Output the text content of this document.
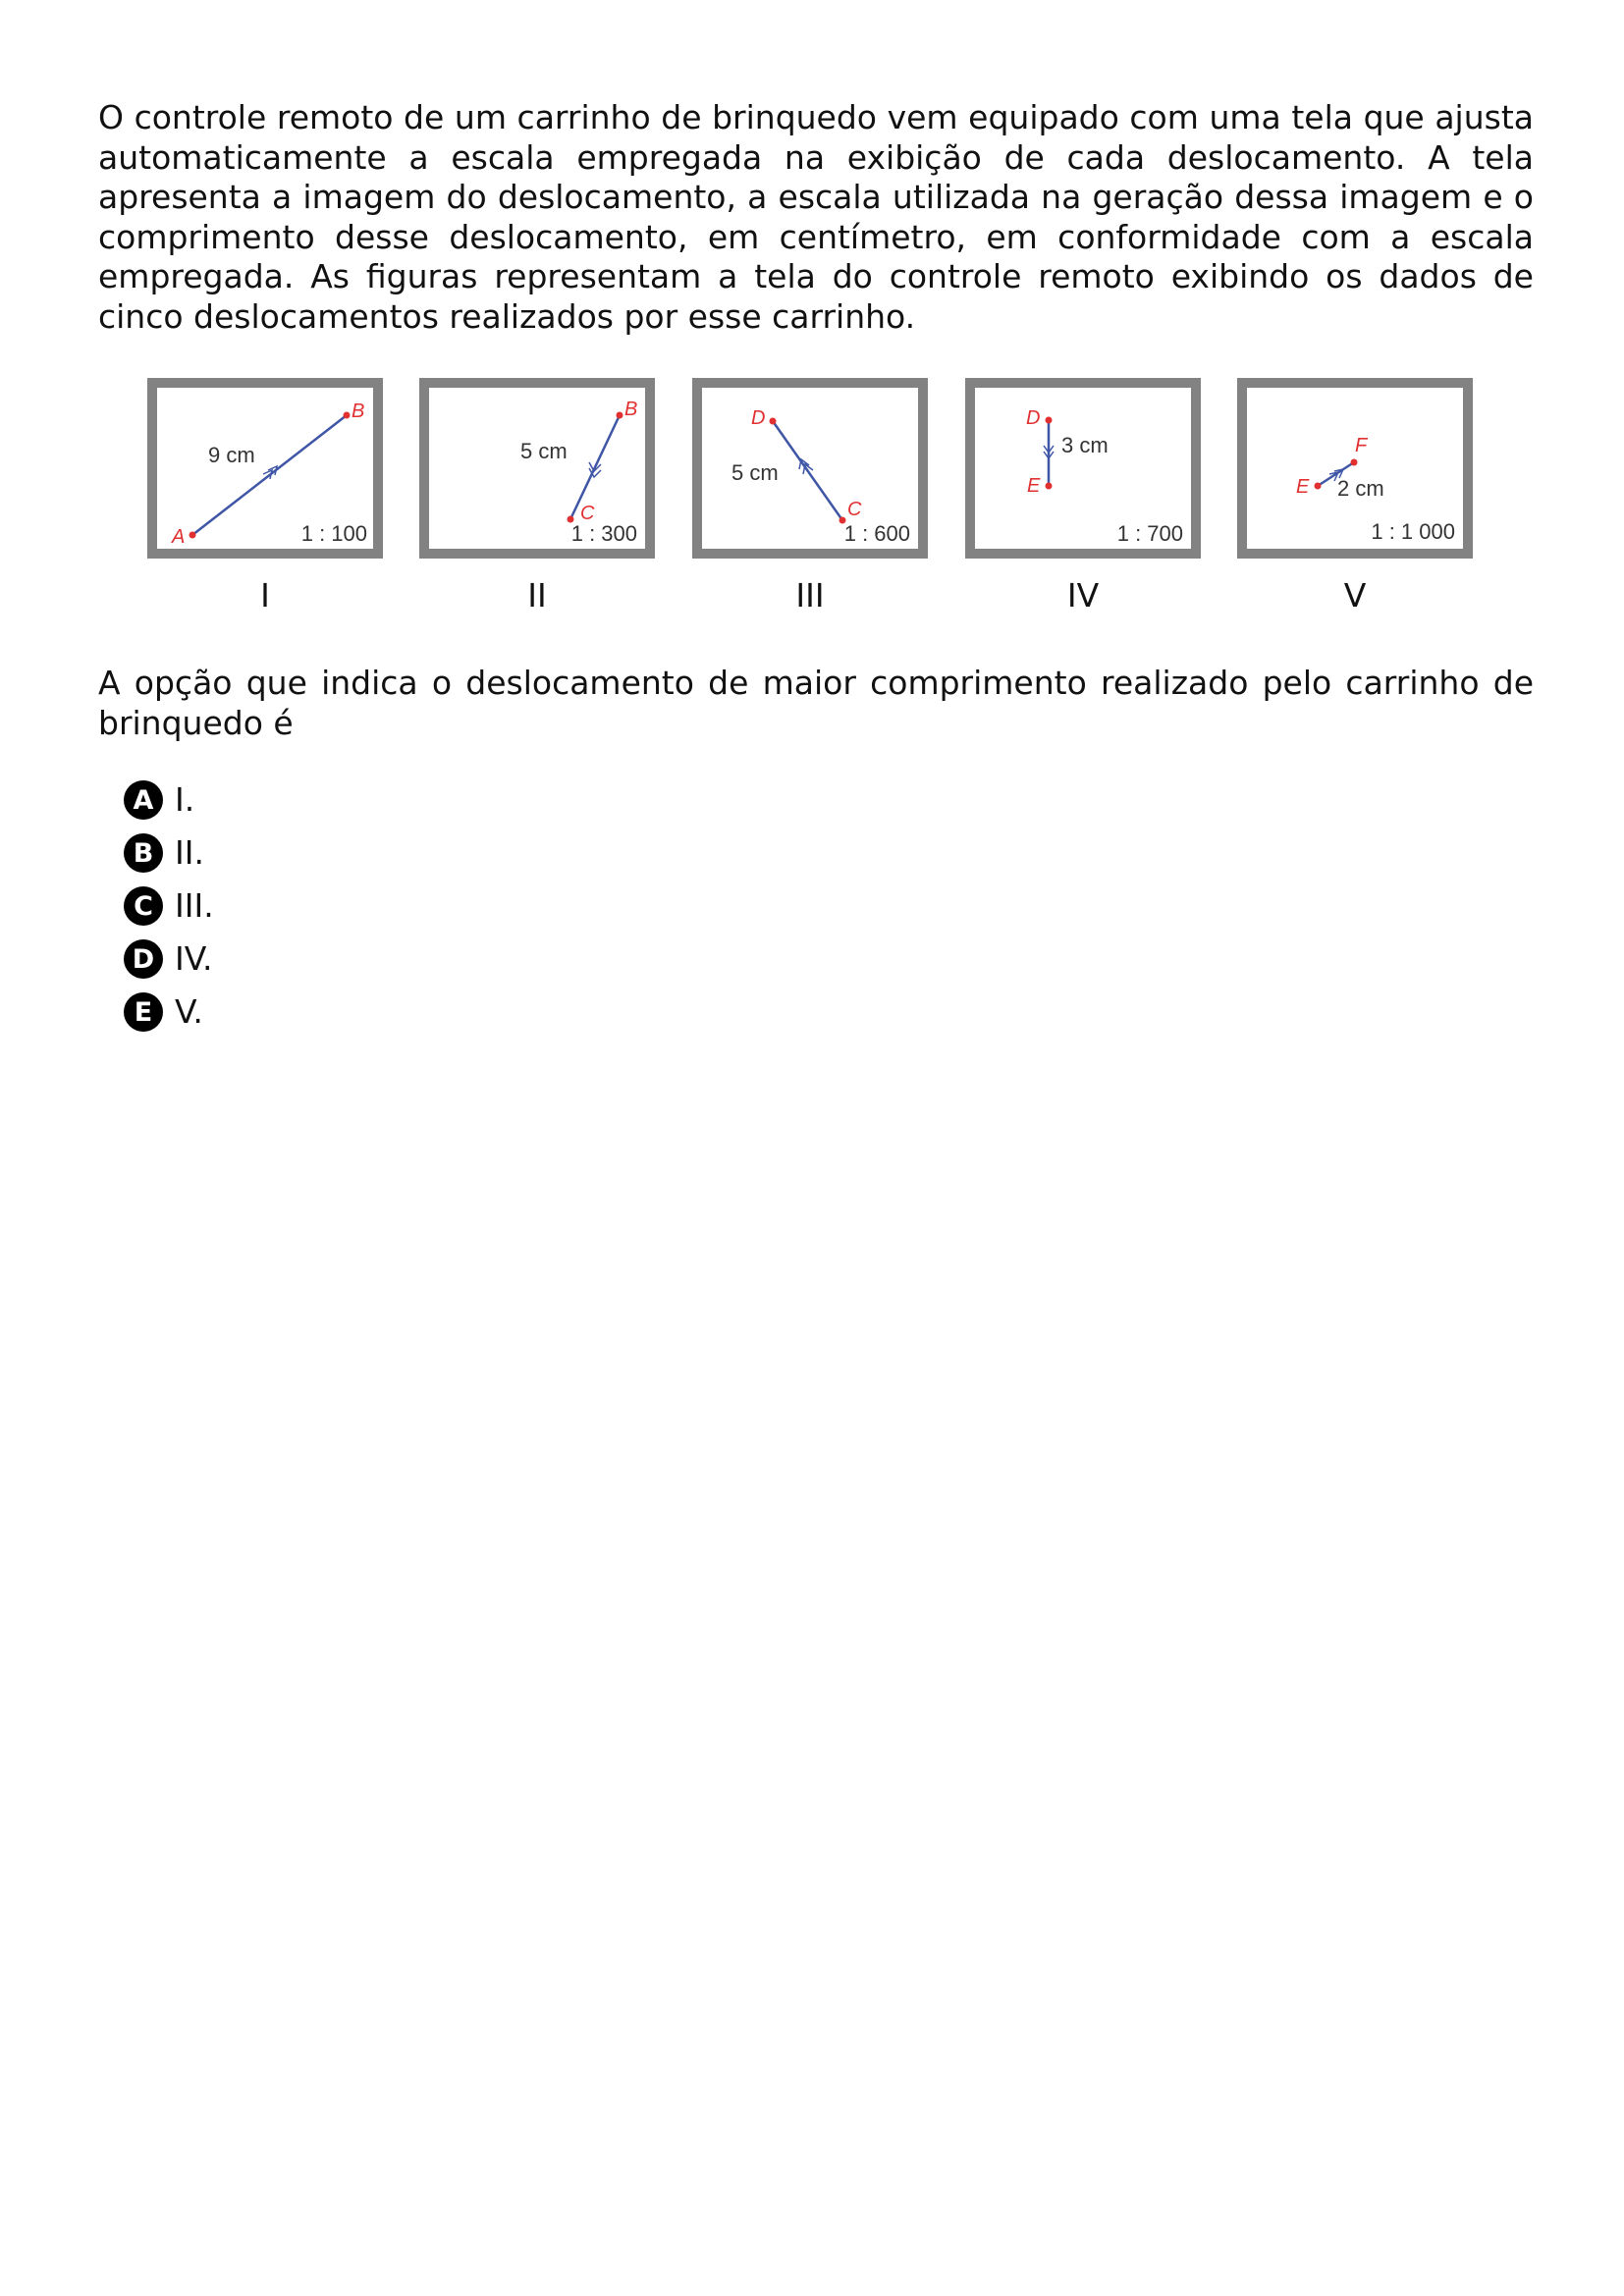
O controle remoto de um carrinho de brinquedo vem equipado com uma tela que ajusta automaticamente a escala empregada na exibição de cada deslocamento. A tela apresenta a imagem do deslocamento, a escala utilizada na geração dessa imagem e o comprimento desse deslocamento, em centímetro, em conformidade com a escala empregada. As figuras representam a tela do controle remoto exibindo os dados de cinco deslocamentos realizados por esse carrinho.

A
B
9 cm
1 : 100
I
B
C
5 cm
1 : 300
II
D
C
5 cm
1 : 600
III
D
E
3 cm
1 : 700
IV
E
F
2 cm
1 : 1 000
V

A opção que indica o deslocamento de maior comprimento realizado pelo carrinho de brinquedo é

A I.
B II.
C III.
D IV.
E V.
